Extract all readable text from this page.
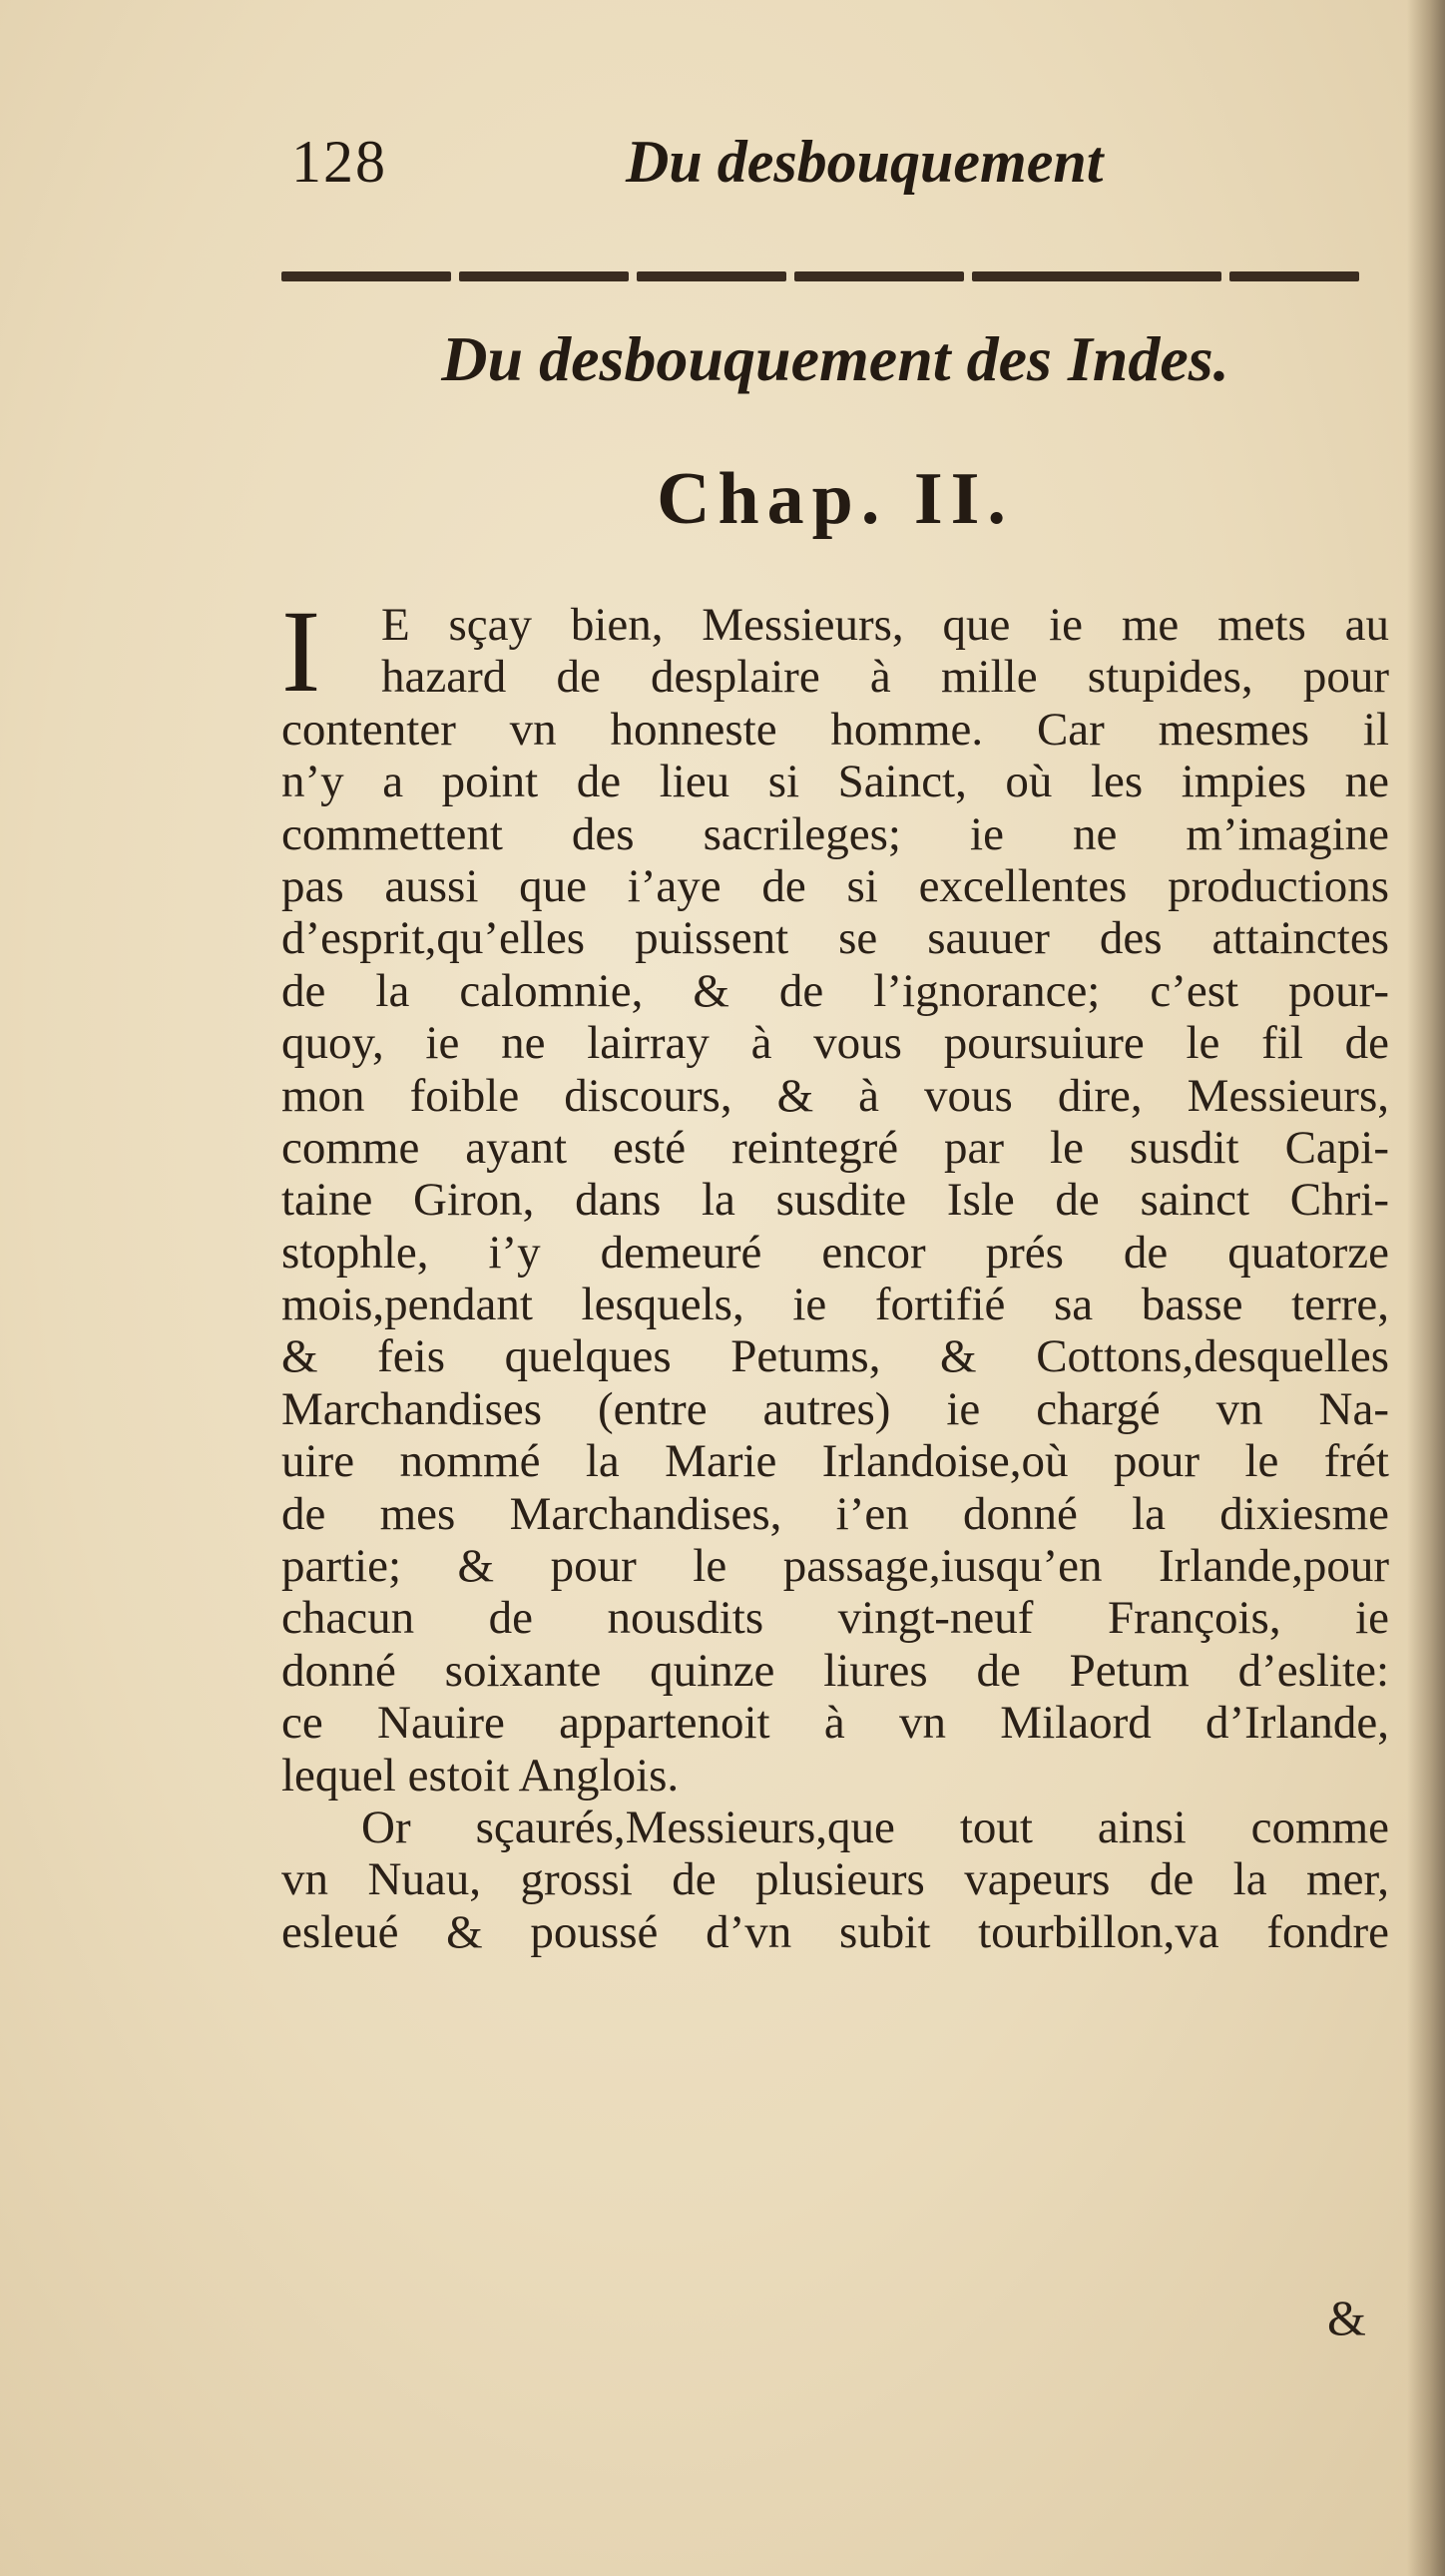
128	Du desbouquement
Du desbouquement des Indes.
Chap. II.
I	E sçay bien, Messieurs, que ie me mets au
hazard de desplaire à mille stupides, pour
contenter vn honneste homme. Car mesmes il
n’y a point de lieu si Sainct, où les impies ne
commettent des sacrileges; ie ne m’imagine
pas aussi que i’aye de si excellentes productions
d’esprit,qu’elles puissent se sauuer des attainctes
de la calomnie, & de l’ignorance; c’est pour-
quoy, ie ne lairray à vous poursuiure le fil de
mon foible discours, & à vous dire, Messieurs,
comme ayant esté reintegré par le susdit Capi-
taine Giron, dans la susdite Isle de sainct Chri-
stophle, i’y demeuré encor prés de quatorze
mois,pendant lesquels, ie fortifié sa basse terre,
& feis quelques Petums, & Cottons,desquelles
Marchandises (entre autres) ie chargé vn Na-
uire nommé la Marie Irlandoise,où pour le frét
de mes Marchandises, i’en donné la dixiesme
partie; & pour le passage,iusqu’en Irlande,pour
chacun de nousdits vingt-neuf François, ie
donné soixante quinze liures de Petum d’eslite:
ce Nauire appartenoit à vn Milaord d’Irlande,
lequel estoit Anglois.
Or sçaurés,Messieurs,que tout ainsi comme
vn Nuau, grossi de plusieurs vapeurs de la mer,
esleué & poussé d’vn subit tourbillon,va fondre
&
